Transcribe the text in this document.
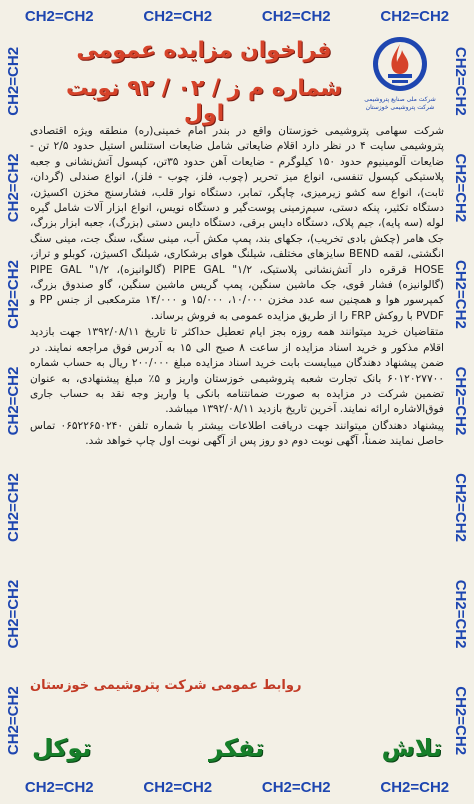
CH2=CH2	CH2=CH2	CH2=CH2	CH2=CH2
CH2=CH2
CH2=CH2
CH2=CH2
CH2=CH2
CH2=CH2
CH2=CH2
CH2=CH2	CH2=CH2
CH2=CH2
CH2=CH2
CH2=CH2
CH2=CH2
CH2=CH2
CH2=CH2
شرکت ملی صنایع پتروشیمی شرکت پتروشیمی خوزستان
فراخوان مزایده عمومی
شماره م ز / ۰۲ / ۹۲ نوبت اول

شرکت سهامی پتروشیمی خوزستان واقع در بندر امام خمینی(ره) منطقه ویژه اقتصادی پتروشیمی سایت ۴ در نظر دارد اقلام ضایعاتی شامل ضایعات استنلس استیل حدود ۲/۵ تن - ضایعات آلومینیوم حدود ۱۵۰ کیلوگرم - ضایعات آهن حدود ۳۵تن، کپسول آتش‌نشانی و جعبه پلاستیکی کپسول تنفسی، انواع میز تحریر (چوب، فلز، چوب - فلز)، انواع صندلی (گردان، ثابت)، انواع سه کشو زیرمیزی، چاپگر، تمابر، دستگاه نوار قلب، فشارسنج مخزن اکسیژن، دستگاه تکثیر، پنکه دستی، سیم‌زمینی پوست‌گیر و دستگاه نویس، انواع ابزار آلات شامل گیره لوله (سه پایه)، جیم پلاک، دستگاه دایس برقی، دستگاه دایس دستی (بزرگ)، جعبه ابزار بزرگ، جک هامر (چکش بادی تخریب)، جکهای بند، پمپ مکش آب، مینی سنگ، سنگ جت، مینی سنگ انگشتی، لقمه BEND سایزهای مختلف، شیلنگ هوای برشکاری، شیلنگ اکسیژن، کوبلو و تراز، HOSE قرقره دار آتش‌نشانی پلاستیک، ۱/۲" PIPE GAL (گالوانیزه)، ۱/۲" PIPE GAL (گالوانیزه) فشار قوی، جک ماشین سنگین، پمپ گریس ماشین سنگین، گاو صندوق بزرگ، کمپرسور هوا و همچنین سه عدد مخزن ۱۰/۰۰۰، ۱۵/۰۰۰ و ۱۴/۰۰۰ مترمکعبی از جنس PP و PVDF با روکش FRP را از طریق مزایده عمومی به فروش برساند.

متقاضیان خرید میتوانند همه روزه بجز ایام تعطیل حداکثر تا تاریخ ۱۳۹۲/۰۸/۱۱ جهت بازدید اقلام مذکور و خرید اسناد مزایده از ساعت ۸ صبح الی ۱۵ به آدرس فوق مراجعه نمایند. در ضمن پیشنهاد دهندگان میبایست بابت خرید اسناد مزایده مبلغ ۲۰۰/۰۰۰ ریال به حساب شماره ۶۰۱۲۰۲۷۷۰۰ بانک تجارت شعبه پتروشیمی خوزستان واریز و ۵٪ مبلغ پیشنهادی، به عنوان تضمین شرکت در مزایده به صورت ضمانتنامه بانکی یا واریز وجه نقد به حساب جاری فوق‌الاشاره ارائه نمایند. آخرین تاریخ بازدید ۱۳۹۲/۰۸/۱۱ میباشد.

پیشنهاد دهندگان میتوانند جهت دریافت اطلاعات بیشتر با شماره تلفن ۰۶۵۲۲۶۵۰۲۴۰ تماس حاصل نمایند ضمناً، آگهی نوبت دوم دو روز پس از آگهی نوبت اول چاپ خواهد شد.

روابط عمومی شرکت پتروشیمی خوزستان
تلاش
تفکر
توکل
CH2=CH2	CH2=CH2	CH2=CH2	CH2=CH2
